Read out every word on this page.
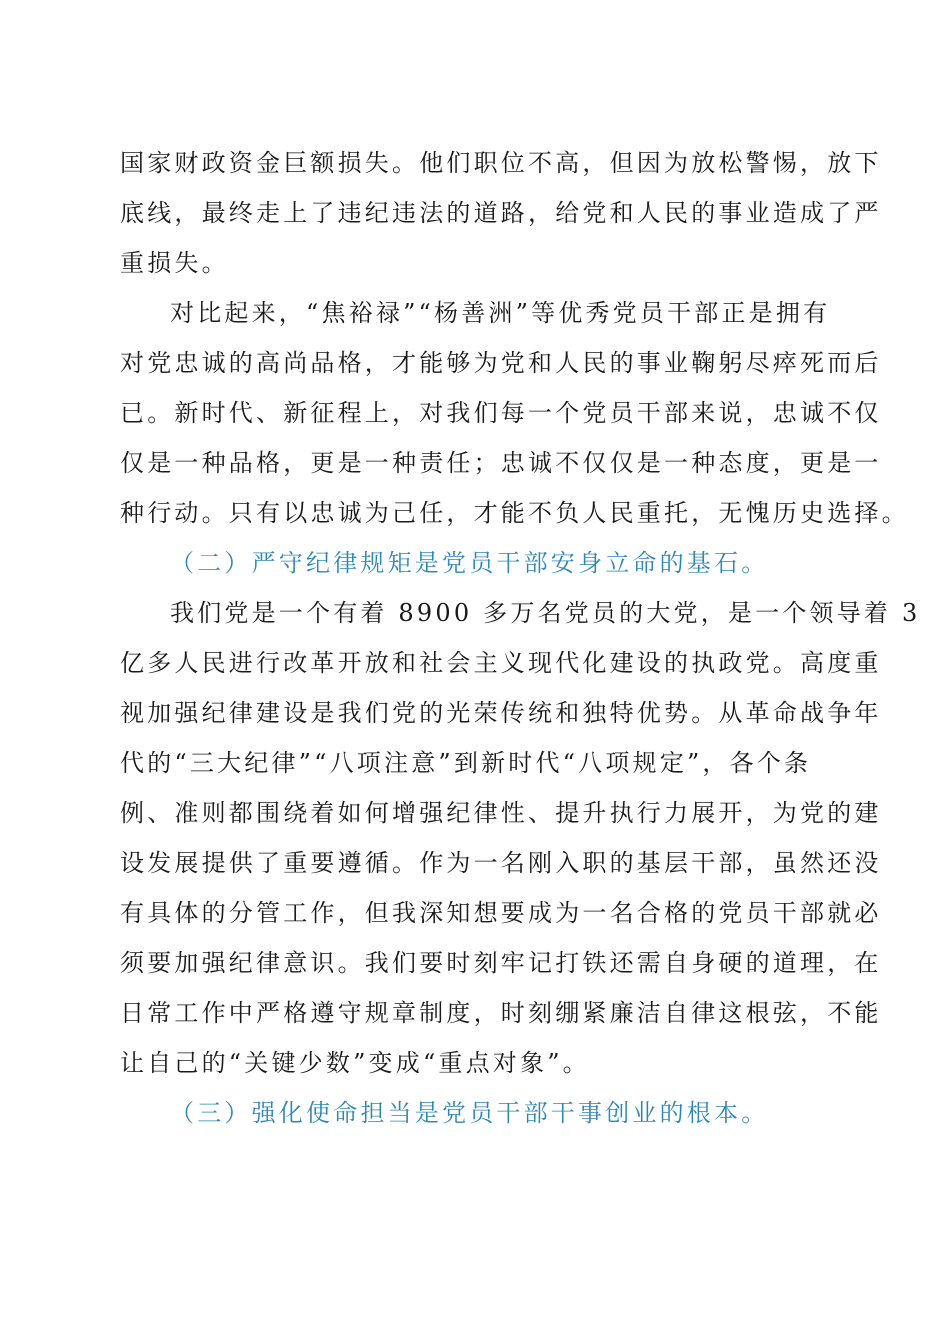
国家财政资金巨额损失。他们职位不高，但因为放松警惕，放下
底线，最终走上了违纪违法的道路，给党和人民的事业造成了严
重损失。
对比起来，“焦裕禄”“杨善洲”等优秀党员干部正是拥有
对党忠诚的高尚品格，才能够为党和人民的事业鞠躬尽瘁死而后
已。新时代、新征程上，对我们每一个党员干部来说，忠诚不仅
仅是一种品格，更是一种责任；忠诚不仅仅是一种态度，更是一
种行动。只有以忠诚为己任，才能不负人民重托，无愧历史选择。
（二）严守纪律规矩是党员干部安身立命的基石。
我们党是一个有着 8900 多万名党员的大党，是一个领导着 3
亿多人民进行改革开放和社会主义现代化建设的执政党。高度重
视加强纪律建设是我们党的光荣传统和独特优势。从革命战争年
代的“三大纪律”“八项注意”到新时代“八项规定”，各个条
例、准则都围绕着如何增强纪律性、提升执行力展开，为党的建
设发展提供了重要遵循。作为一名刚入职的基层干部，虽然还没
有具体的分管工作，但我深知想要成为一名合格的党员干部就必
须要加强纪律意识。我们要时刻牢记打铁还需自身硬的道理，在
日常工作中严格遵守规章制度，时刻绷紧廉洁自律这根弦，不能
让自己的“关键少数”变成“重点对象”。
（三）强化使命担当是党员干部干事创业的根本。
